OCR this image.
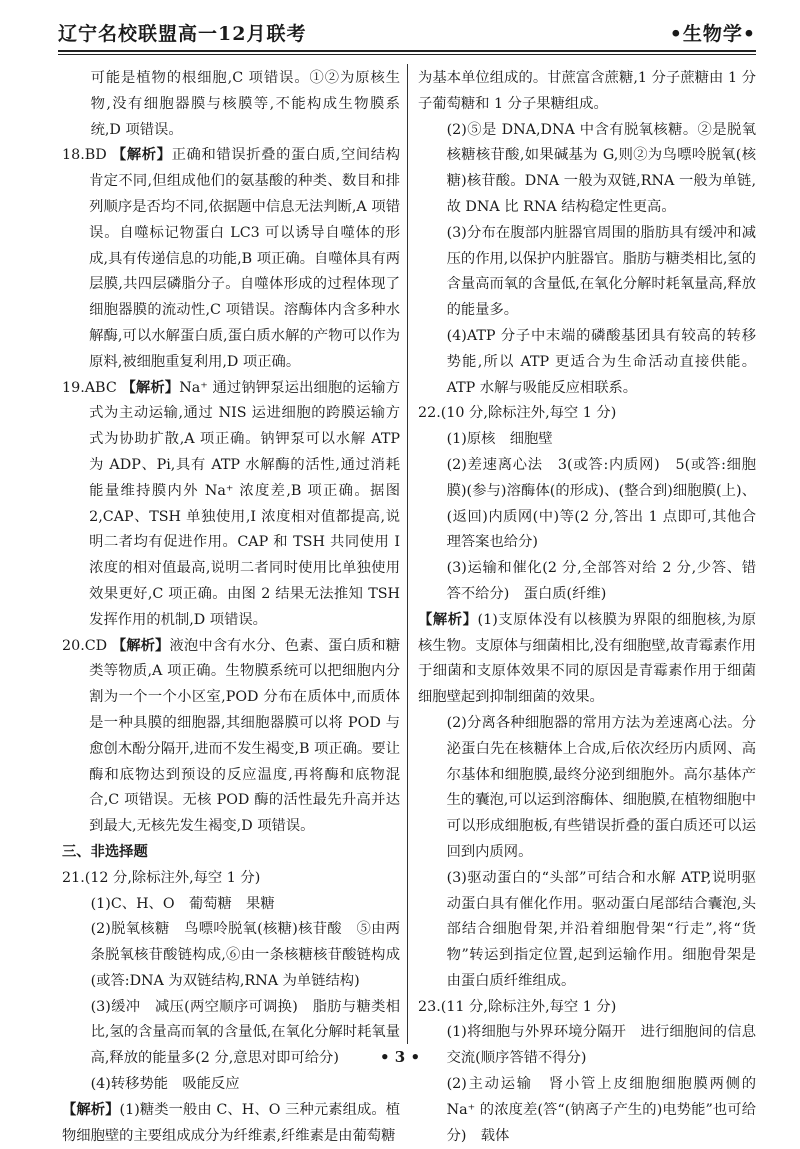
辽宁名校联盟高一12月联考	•生物学•

可能是植物的根细胞,C 项错误。①②为原核生物,没有细胞器膜与核膜等,不能构成生物膜系统,D 项错误。

18.BD 【解析】正确和错误折叠的蛋白质,空间结构肯定不同,但组成他们的氨基酸的种类、数目和排列顺序是否均不同,依据题中信息无法判断,A 项错误。自噬标记物蛋白 LC3 可以诱导自噬体的形成,具有传递信息的功能,B 项正确。自噬体具有两层膜,共四层磷脂分子。自噬体形成的过程体现了细胞器膜的流动性,C 项错误。溶酶体内含多种水解酶,可以水解蛋白质,蛋白质水解的产物可以作为原料,被细胞重复利用,D 项正确。

19.ABC 【解析】Na⁺ 通过钠钾泵运出细胞的运输方式为主动运输,通过 NIS 运进细胞的跨膜运输方式为协助扩散,A 项正确。钠钾泵可以水解 ATP 为 ADP、Pi,具有 ATP 水解酶的活性,通过消耗能量维持膜内外 Na⁺ 浓度差,B 项正确。据图 2,CAP、TSH 单独使用,I 浓度相对值都提高,说明二者均有促进作用。CAP 和 TSH 共同使用 I 浓度的相对值最高,说明二者同时使用比单独使用效果更好,C 项正确。由图 2 结果无法推知 TSH 发挥作用的机制,D 项错误。

20.CD 【解析】液泡中含有水分、色素、蛋白质和糖类等物质,A 项正确。生物膜系统可以把细胞内分割为一个一个小区室,POD 分布在质体中,而质体是一种具膜的细胞器,其细胞器膜可以将 POD 与愈创木酚分隔开,进而不发生褐变,B 项正确。要让酶和底物达到预设的反应温度,再将酶和底物混合,C 项错误。无核 POD 酶的活性最先升高并达到最大,无核先发生褐变,D 项错误。

三、非选择题

21.(12 分,除标注外,每空 1 分)

(1)C、H、O　葡萄糖　果糖

(2)脱氧核糖　鸟嘌呤脱氧(核糖)核苷酸　⑤由两条脱氧核苷酸链构成,⑥由一条核糖核苷酸链构成(或答:DNA 为双链结构,RNA 为单链结构)

(3)缓冲　减压(两空顺序可调换)　脂肪与糖类相比,氢的含量高而氧的含量低,在氧化分解时耗氧量高,释放的能量多(2 分,意思对即可给分)

(4)转移势能　吸能反应

【解析】(1)糖类一般由 C、H、O 三种元素组成。植物细胞壁的主要组成成分为纤维素,纤维素是由葡萄糖

为基本单位组成的。甘蔗富含蔗糖,1 分子蔗糖由 1 分子葡萄糖和 1 分子果糖组成。

(2)⑤是 DNA,DNA 中含有脱氧核糖。②是脱氧核糖核苷酸,如果碱基为 G,则②为鸟嘌呤脱氧(核糖)核苷酸。DNA 一般为双链,RNA 一般为单链,故 DNA 比 RNA 结构稳定性更高。

(3)分布在腹部内脏器官周围的脂肪具有缓冲和减压的作用,以保护内脏器官。脂肪与糖类相比,氢的含量高而氧的含量低,在氧化分解时耗氧量高,释放的能量多。

(4)ATP 分子中末端的磷酸基团具有较高的转移势能,所以 ATP 更适合为生命活动直接供能。ATP 水解与吸能反应相联系。

22.(10 分,除标注外,每空 1 分)

(1)原核　细胞壁

(2)差速离心法　3(或答:内质网)　5(或答:细胞膜)(参与)溶酶体(的形成)、(整合到)细胞膜(上)、(返回)内质网(中)等(2 分,答出 1 点即可,其他合理答案也给分)

(3)运输和催化(2 分,全部答对给 2 分,少答、错答不给分)　蛋白质(纤维)

【解析】(1)支原体没有以核膜为界限的细胞核,为原核生物。支原体与细菌相比,没有细胞壁,故青霉素作用于细菌和支原体效果不同的原因是青霉素作用于细菌细胞壁起到抑制细菌的效果。

(2)分离各种细胞器的常用方法为差速离心法。分泌蛋白先在核糖体上合成,后依次经历内质网、高尔基体和细胞膜,最终分泌到细胞外。高尔基体产生的囊泡,可以运到溶酶体、细胞膜,在植物细胞中可以形成细胞板,有些错误折叠的蛋白质还可以运回到内质网。

(3)驱动蛋白的“头部”可结合和水解 ATP,说明驱动蛋白具有催化作用。驱动蛋白尾部结合囊泡,头部结合细胞骨架,并沿着细胞骨架“行走”,将“货物”转运到指定位置,起到运输作用。细胞骨架是由蛋白质纤维组成。

23.(11 分,除标注外,每空 1 分)

(1)将细胞与外界环境分隔开　进行细胞间的信息交流(顺序答错不得分)

(2)主动运输　肾小管上皮细胞细胞膜两侧的 Na⁺ 的浓度差(答“(钠离子产生的)电势能”也可给分)　载体

• 3 •
